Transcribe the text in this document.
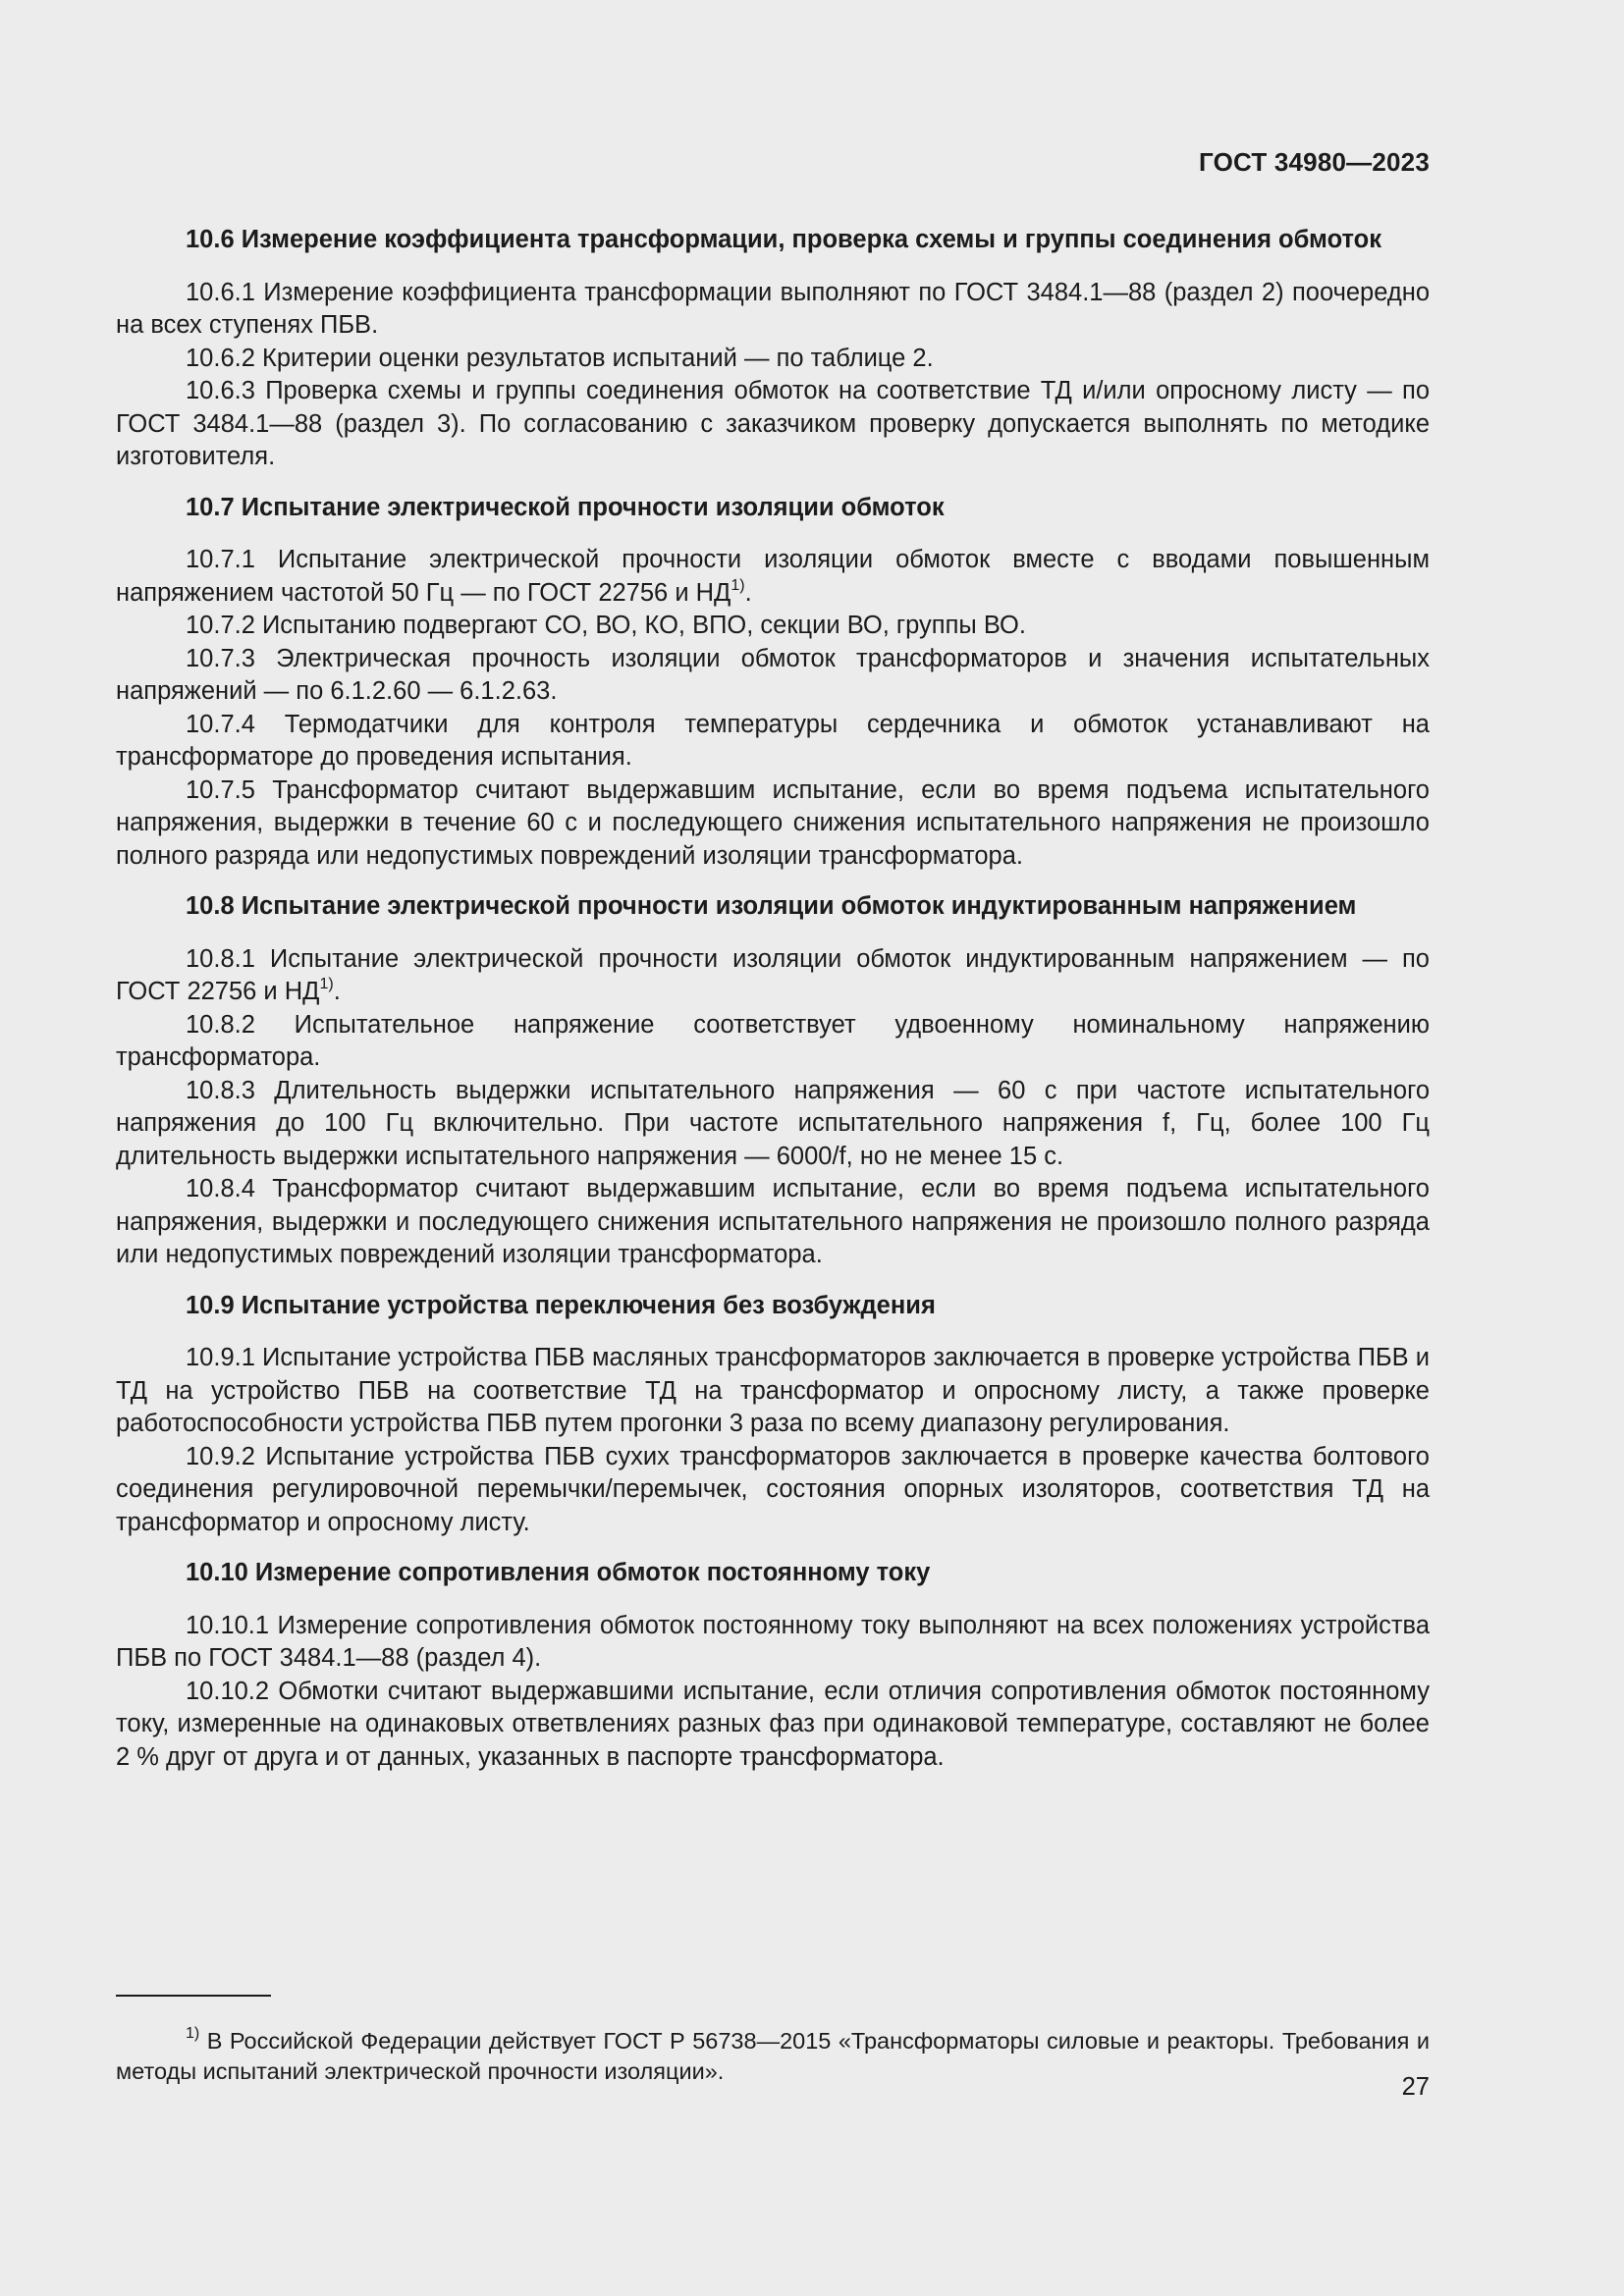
ГОСТ 34980—2023
10.6 Измерение коэффициента трансформации, проверка схемы и группы соединения обмоток

10.6.1 Измерение коэффициента трансформации выполняют по ГОСТ 3484.1—88 (раздел 2) поочередно на всех ступенях ПБВ.

10.6.2 Критерии оценки результатов испытаний — по таблице 2.

10.6.3 Проверка схемы и группы соединения обмоток на соответствие ТД и/или опросному листу — по ГОСТ 3484.1—88 (раздел 3). По согласованию с заказчиком проверку допускается выполнять по методике изготовителя.

10.7 Испытание электрической прочности изоляции обмоток

10.7.1 Испытание электрической прочности изоляции обмоток вместе с вводами повышенным напряжением частотой 50 Гц — по ГОСТ 22756 и НД$^{1)}$.

10.7.2 Испытанию подвергают СО, ВО, КО, ВПО, секции ВО, группы ВО.

10.7.3 Электрическая прочность изоляции обмоток трансформаторов и значения испытательных напряжений — по 6.1.2.60 — 6.1.2.63.

10.7.4 Термодатчики для контроля температуры сердечника и обмоток устанавливают на трансформаторе до проведения испытания.

10.7.5 Трансформатор считают выдержавшим испытание, если во время подъема испытательного напряжения, выдержки в течение 60 с и последующего снижения испытательного напряжения не произошло полного разряда или недопустимых повреждений изоляции трансформатора.

10.8 Испытание электрической прочности изоляции обмоток индуктированным напряжением

10.8.1 Испытание электрической прочности изоляции обмоток индуктированным напряжением — по ГОСТ 22756 и НД$^{1)}$.

10.8.2 Испытательное напряжение соответствует удвоенному номинальному напряжению трансформатора.

10.8.3 Длительность выдержки испытательного напряжения — 60 с при частоте испытательного напряжения до 100 Гц включительно. При частоте испытательного напряжения f, Гц, более 100 Гц длительность выдержки испытательного напряжения — 6000/f, но не менее 15 с.

10.8.4 Трансформатор считают выдержавшим испытание, если во время подъема испытательного напряжения, выдержки и последующего снижения испытательного напряжения не произошло полного разряда или недопустимых повреждений изоляции трансформатора.

10.9 Испытание устройства переключения без возбуждения

10.9.1 Испытание устройства ПБВ масляных трансформаторов заключается в проверке устройства ПБВ и ТД на устройство ПБВ на соответствие ТД на трансформатор и опросному листу, а также проверке работоспособности устройства ПБВ путем прогонки 3 раза по всему диапазону регулирования.

10.9.2 Испытание устройства ПБВ сухих трансформаторов заключается в проверке качества болтового соединения регулировочной перемычки/перемычек, состояния опорных изоляторов, соответствия ТД на трансформатор и опросному листу.

10.10 Измерение сопротивления обмоток постоянному току

10.10.1 Измерение сопротивления обмоток постоянному току выполняют на всех положениях устройства ПБВ по ГОСТ 3484.1—88 (раздел 4).

10.10.2 Обмотки считают выдержавшими испытание, если отличия сопротивления обмоток постоянному току, измеренные на одинаковых ответвлениях разных фаз при одинаковой температуре, составляют не более 2 % друг от друга и от данных, указанных в паспорте трансформатора.

$^{1)}$ В Российской Федерации действует ГОСТ Р 56738—2015 «Трансформаторы силовые и реакторы. Требования и методы испытаний электрической прочности изоляции».

27
